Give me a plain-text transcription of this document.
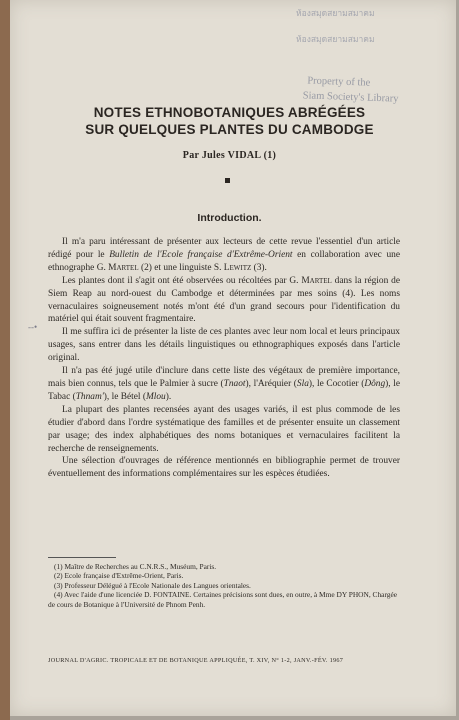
ห้องสมุดสยามสมาคม
ห้องสมุดสยามสมาคม
Property of the
Siam Society's Library
NOTES ETHNOBOTANIQUES ABRÉGÉES
SUR QUELQUES PLANTES DU CAMBODGE
Par Jules VIDAL (1)
Introduction.
--•

Il m'a paru intéressant de présenter aux lecteurs de cette revue l'essentiel d'un article rédigé pour le Bulletin de l'Ecole française d'Extrême-Orient en collaboration avec une ethnographe G. Martel (2) et une linguiste S. Lewitz (3).

Les plantes dont il s'agit ont été observées ou récoltées par G. Martel dans la région de Siem Reap au nord-ouest du Cambodge et déterminées par mes soins (4). Les noms vernaculaires soigneusement notés m'ont été d'un grand secours pour l'identification du matériel qui était souvent fragmentaire.

Il me suffira ici de présenter la liste de ces plantes avec leur nom local et leurs principaux usages, sans entrer dans les détails linguistiques ou ethnographiques exposés dans l'article original.

Il n'a pas été jugé utile d'inclure dans cette liste des végétaux de première importance, mais bien connus, tels que le Palmier à sucre (Tnaot), l'Aréquier (Sla), le Cocotier (Dông), le Tabac (Thnam'), le Bétel (Mlou).

La plupart des plantes recensées ayant des usages variés, il est plus commode de les étudier d'abord dans l'ordre systématique des familles et de présenter ensuite un classement par usage; des index alphabétiques des noms botaniques et vernaculaires facilitent la recherche de renseignements.

Une sélection d'ouvrages de référence mentionnés en bibliographie permet de trouver éventuellement des informations complémentaires sur les espèces étudiées.

(1) Maître de Recherches au C.N.R.S., Muséum, Paris.
(2) Ecole française d'Extrême-Orient, Paris.
(3) Professeur Délégué à l'Ecole Nationale des Langues orientales.
(4) Avec l'aide d'une licenciée D. FONTAINE. Certaines précisions sont dues, en outre, à Mme DY PHON, Chargée de cours de Botanique à l'Université de Phnom Penh.
JOURNAL D'AGRIC. TROPICALE ET DE BOTANIQUE APPLIQUÉE, T. XIV, N° 1-2, JANV.-FÉV. 1967
